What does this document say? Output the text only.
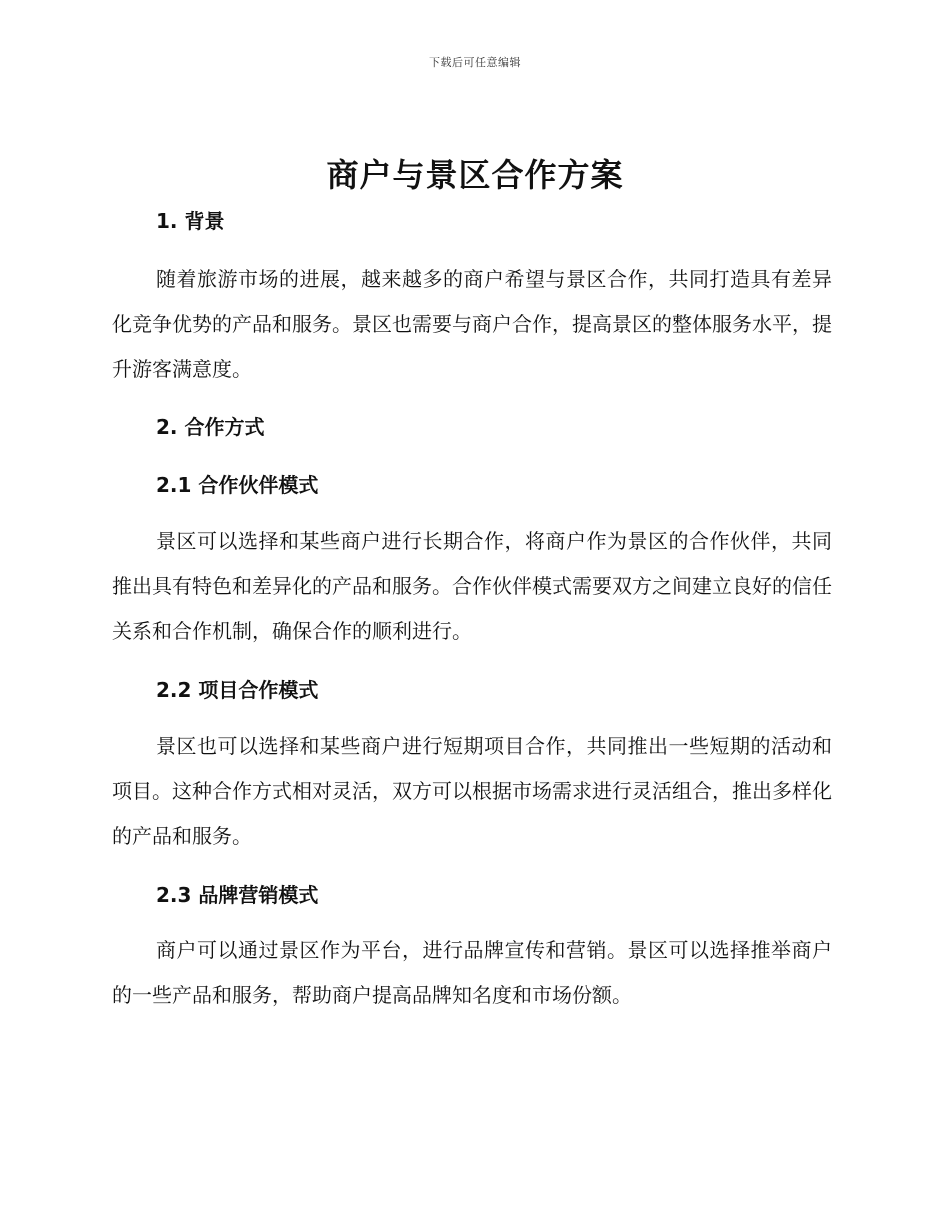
下载后可任意编辑
商户与景区合作方案
1. 背景

随着旅游市场的进展，越来越多的商户希望与景区合作，共同打造具有差异化竞争优势的产品和服务。景区也需要与商户合作，提高景区的整体服务水平，提升游客满意度。

2. 合作方式
2.1 合作伙伴模式

景区可以选择和某些商户进行长期合作，将商户作为景区的合作伙伴，共同推出具有特色和差异化的产品和服务。合作伙伴模式需要双方之间建立良好的信任关系和合作机制，确保合作的顺利进行。

2.2 项目合作模式

景区也可以选择和某些商户进行短期项目合作，共同推出一些短期的活动和项目。这种合作方式相对灵活，双方可以根据市场需求进行灵活组合，推出多样化的产品和服务。

2.3 品牌营销模式

商户可以通过景区作为平台，进行品牌宣传和营销。景区可以选择推举商户的一些产品和服务，帮助商户提高品牌知名度和市场份额。
